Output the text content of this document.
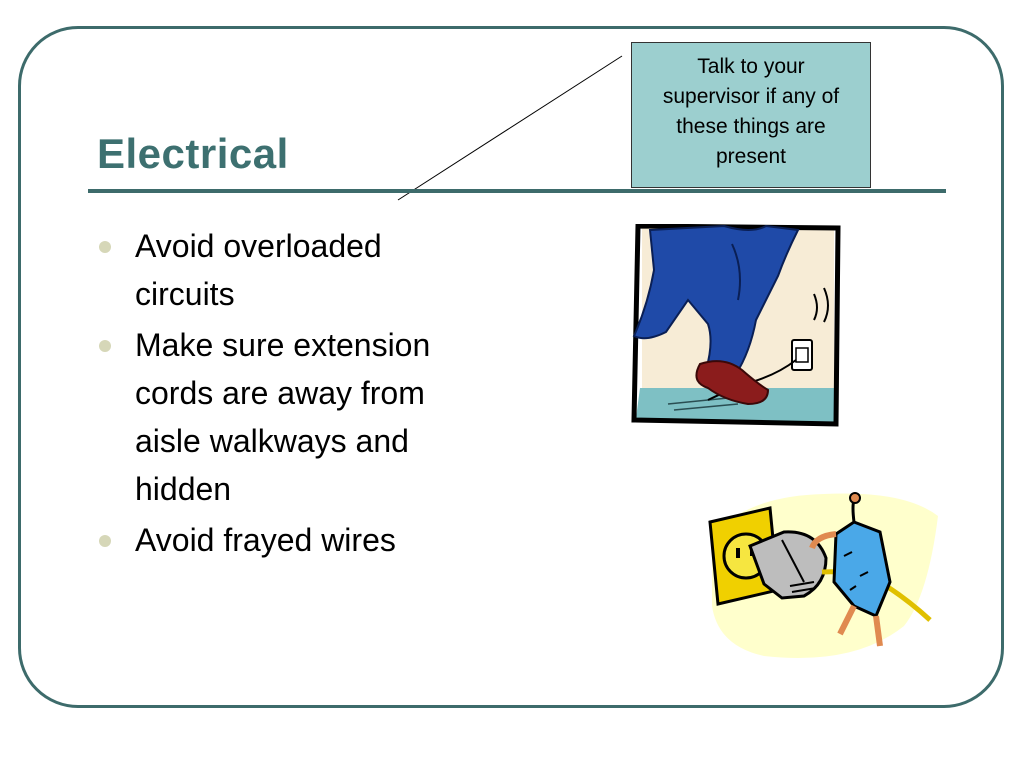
Electrical
Talk to your
supervisor if any of
these things are
present
Avoid overloaded
circuits
Make sure extension
cords are away from
aisle walkways and
hidden
Avoid frayed wires
